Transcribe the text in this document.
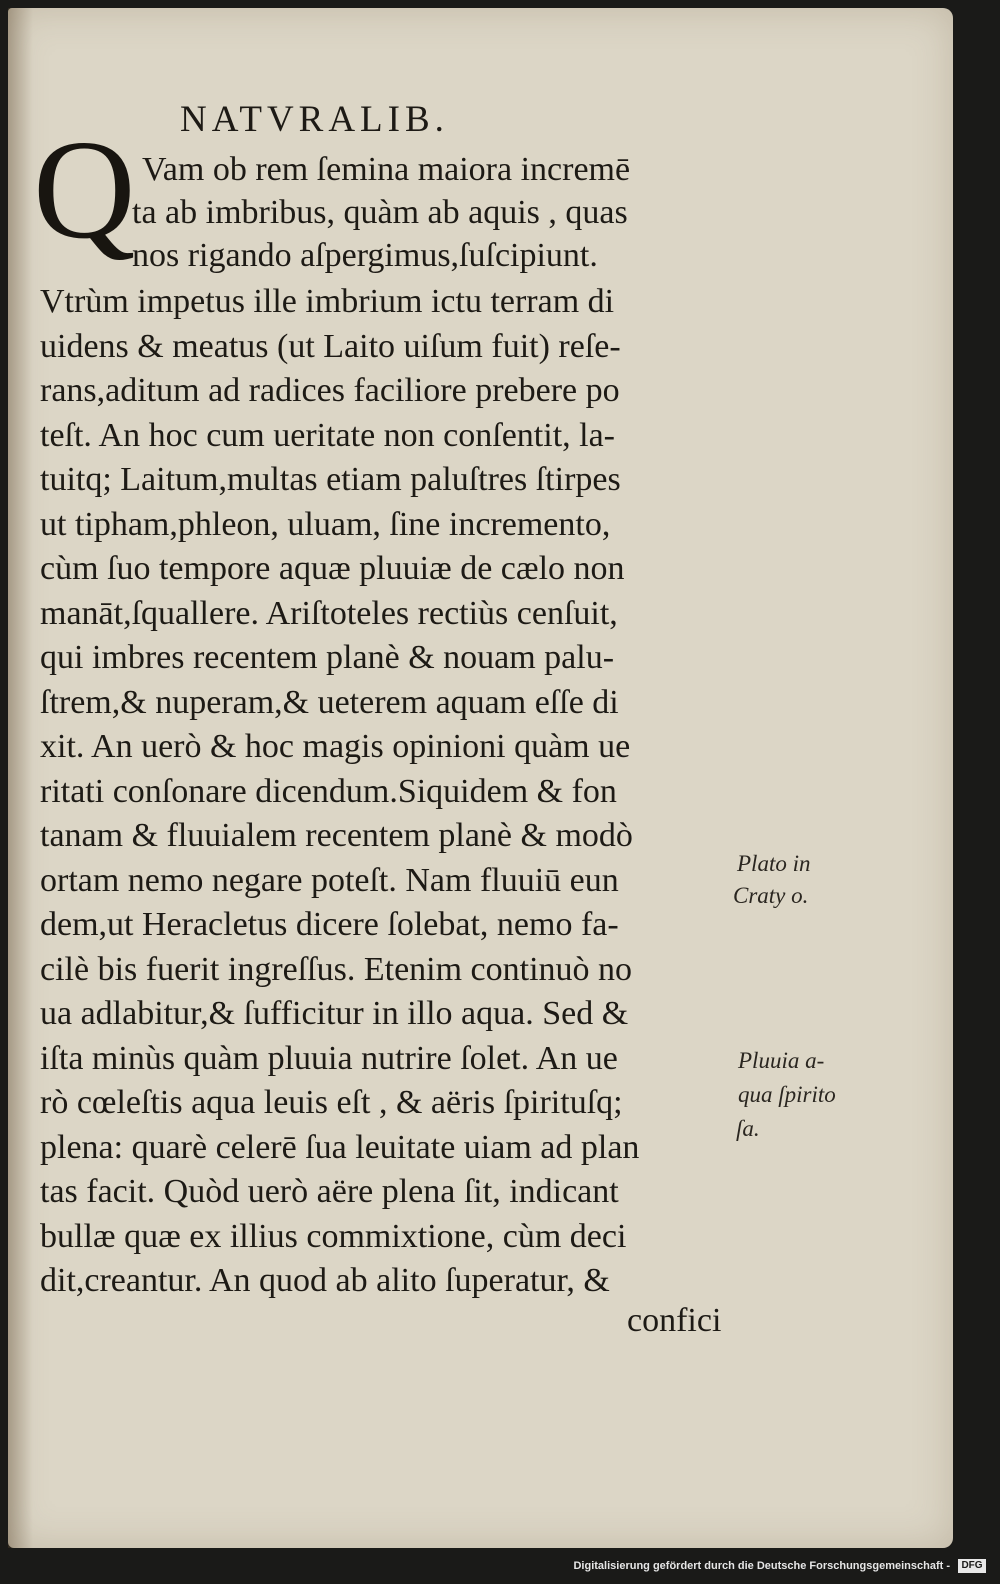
NATVRALIB.
Q Vam ob rem ſemina maiora incremē
ta ab imbribus, quàm ab aquis , quas
nos rigando aſpergimus,ſuſcipiunt.
Vtrùm impetus ille imbrium ictu terram di
uidens & meatus (ut Laito uiſum fuit) reſe-
rans,aditum ad radices faciliore prebere po
teſt. An hoc cum ueritate non conſentit, la-
tuitq; Laitum,multas etiam paluſtres ſtirpes
ut tipham,phleon, uluam, ſine incremento,
cùm ſuo tempore aquæ pluuiæ de cælo non
manāt,ſquallere. Ariſtoteles rectiùs cenſuit,
qui imbres recentem planè & nouam palu-
ſtrem,& nuperam,& ueterem aquam eſſe di
xit. An uerò & hoc magis opinioni quàm ue
ritati conſonare dicendum.Siquidem & fon
tanam & fluuialem recentem planè & modò
ortam nemo negare poteſt. Nam fluuiū eun
dem,ut Heracletus dicere ſolebat, nemo fa-
cilè bis fuerit ingreſſus. Etenim continuò no
ua adlabitur,& ſufficitur in illo aqua. Sed &
iſta minùs quàm pluuia nutrire ſolet. An ue
rò cœleſtis aqua leuis eſt , & aëris ſpirituſq;
plena: quarè celerē ſua leuitate uiam ad plan
tas facit. Quòd uerò aëre plena ſit, indicant
bullæ quæ ex illius commixtione, cùm deci
dit,creantur. An quod ab alito ſuperatur, &
confici
Plato in
Craty o.
Pluuia a-
qua ſpirito
ſa.
Digitalisierung gefördert durch die Deutsche Forschungsgemeinschaft -	DFG
